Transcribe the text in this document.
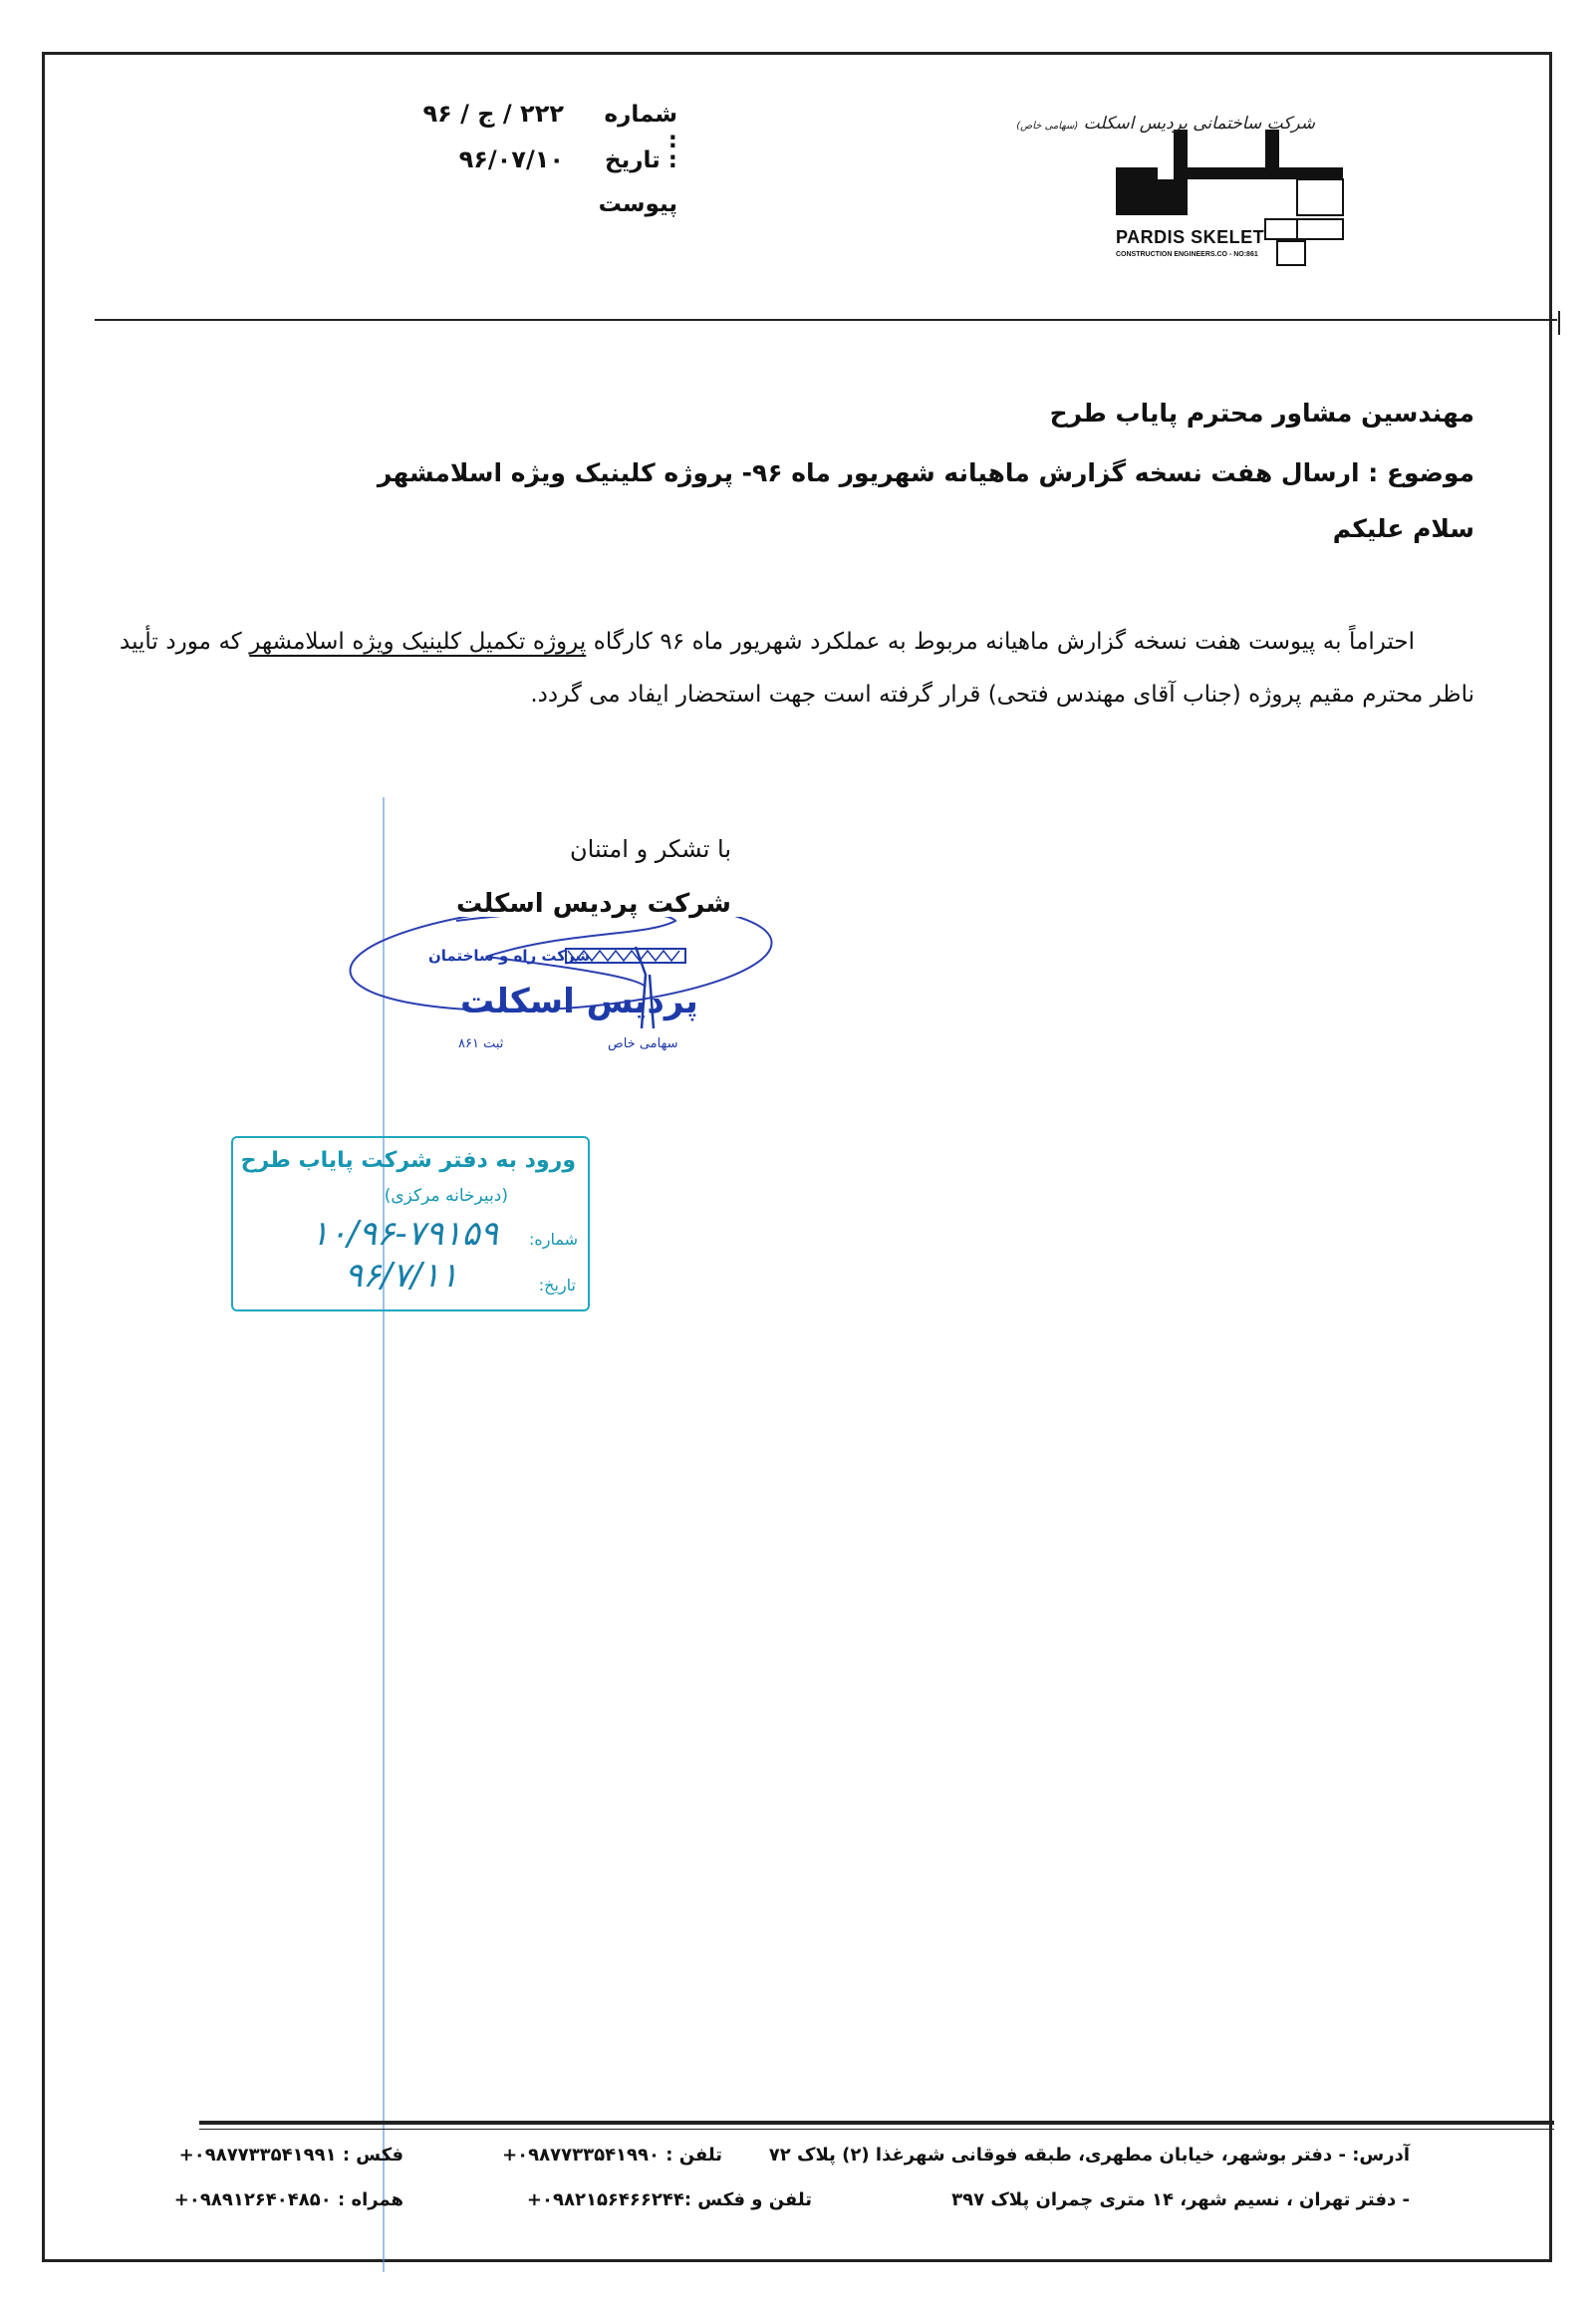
شرکت ساختمانی پردیس اسکلت (سهامی خاص)
PARDIS SKELET
CONSTRUCTION ENGINEERS.CO - NO:861
شماره :
۲۲۲ / ج / ۹۶
تاریخ :
۹۶/۰۷/۱۰
پیوست
مهندسین مشاور محترم پایاب طرح
موضوع : ارسال هفت نسخه گزارش ماهیانه شهریور ماه ۹۶- پروژه کلینیک ویژه اسلامشهر
سلام علیکم
احتراماً به پیوست هفت نسخه گزارش ماهیانه مربوط به عملکرد شهریور ماه ۹۶ کارگاه پروژه تکمیل کلینیک ویژه اسلامشهر که مورد تأیید ناظر محترم مقیم پروژه (جناب آقای مهندس فتحی) قرار گرفته است جهت استحضار ایفاد می گردد.
با تشکر و امتنان
شرکت پردیس اسکلت
شرکت راه و ساختمان
پردیس اسکلت
ثبت ۸۶۱	سهامی خاص
ورود به دفتر شرکت پایاب طرح
(دبیرخانه مرکزی)
شماره:
۱۰/۹۶-۷۹۱۵۹
تاریخ:
۹۶/۷/۱۱
آدرس: - دفتر بوشهر، خیابان مطهری، طبقه فوقانی شهرغذا (۲) پلاک ۷۲
تلفن : ۰۹۸۷۷۳۳۵۴۱۹۹۰+
فکس : ۰۹۸۷۷۳۳۵۴۱۹۹۱+
- دفتر تهران ، نسیم شهر، ۱۴ متری چمران پلاک ۳۹۷
تلفن و فکس :۰۹۸۲۱۵۶۴۶۶۲۴۴+
همراه : ۰۹۸۹۱۲۶۴۰۴۸۵۰+
